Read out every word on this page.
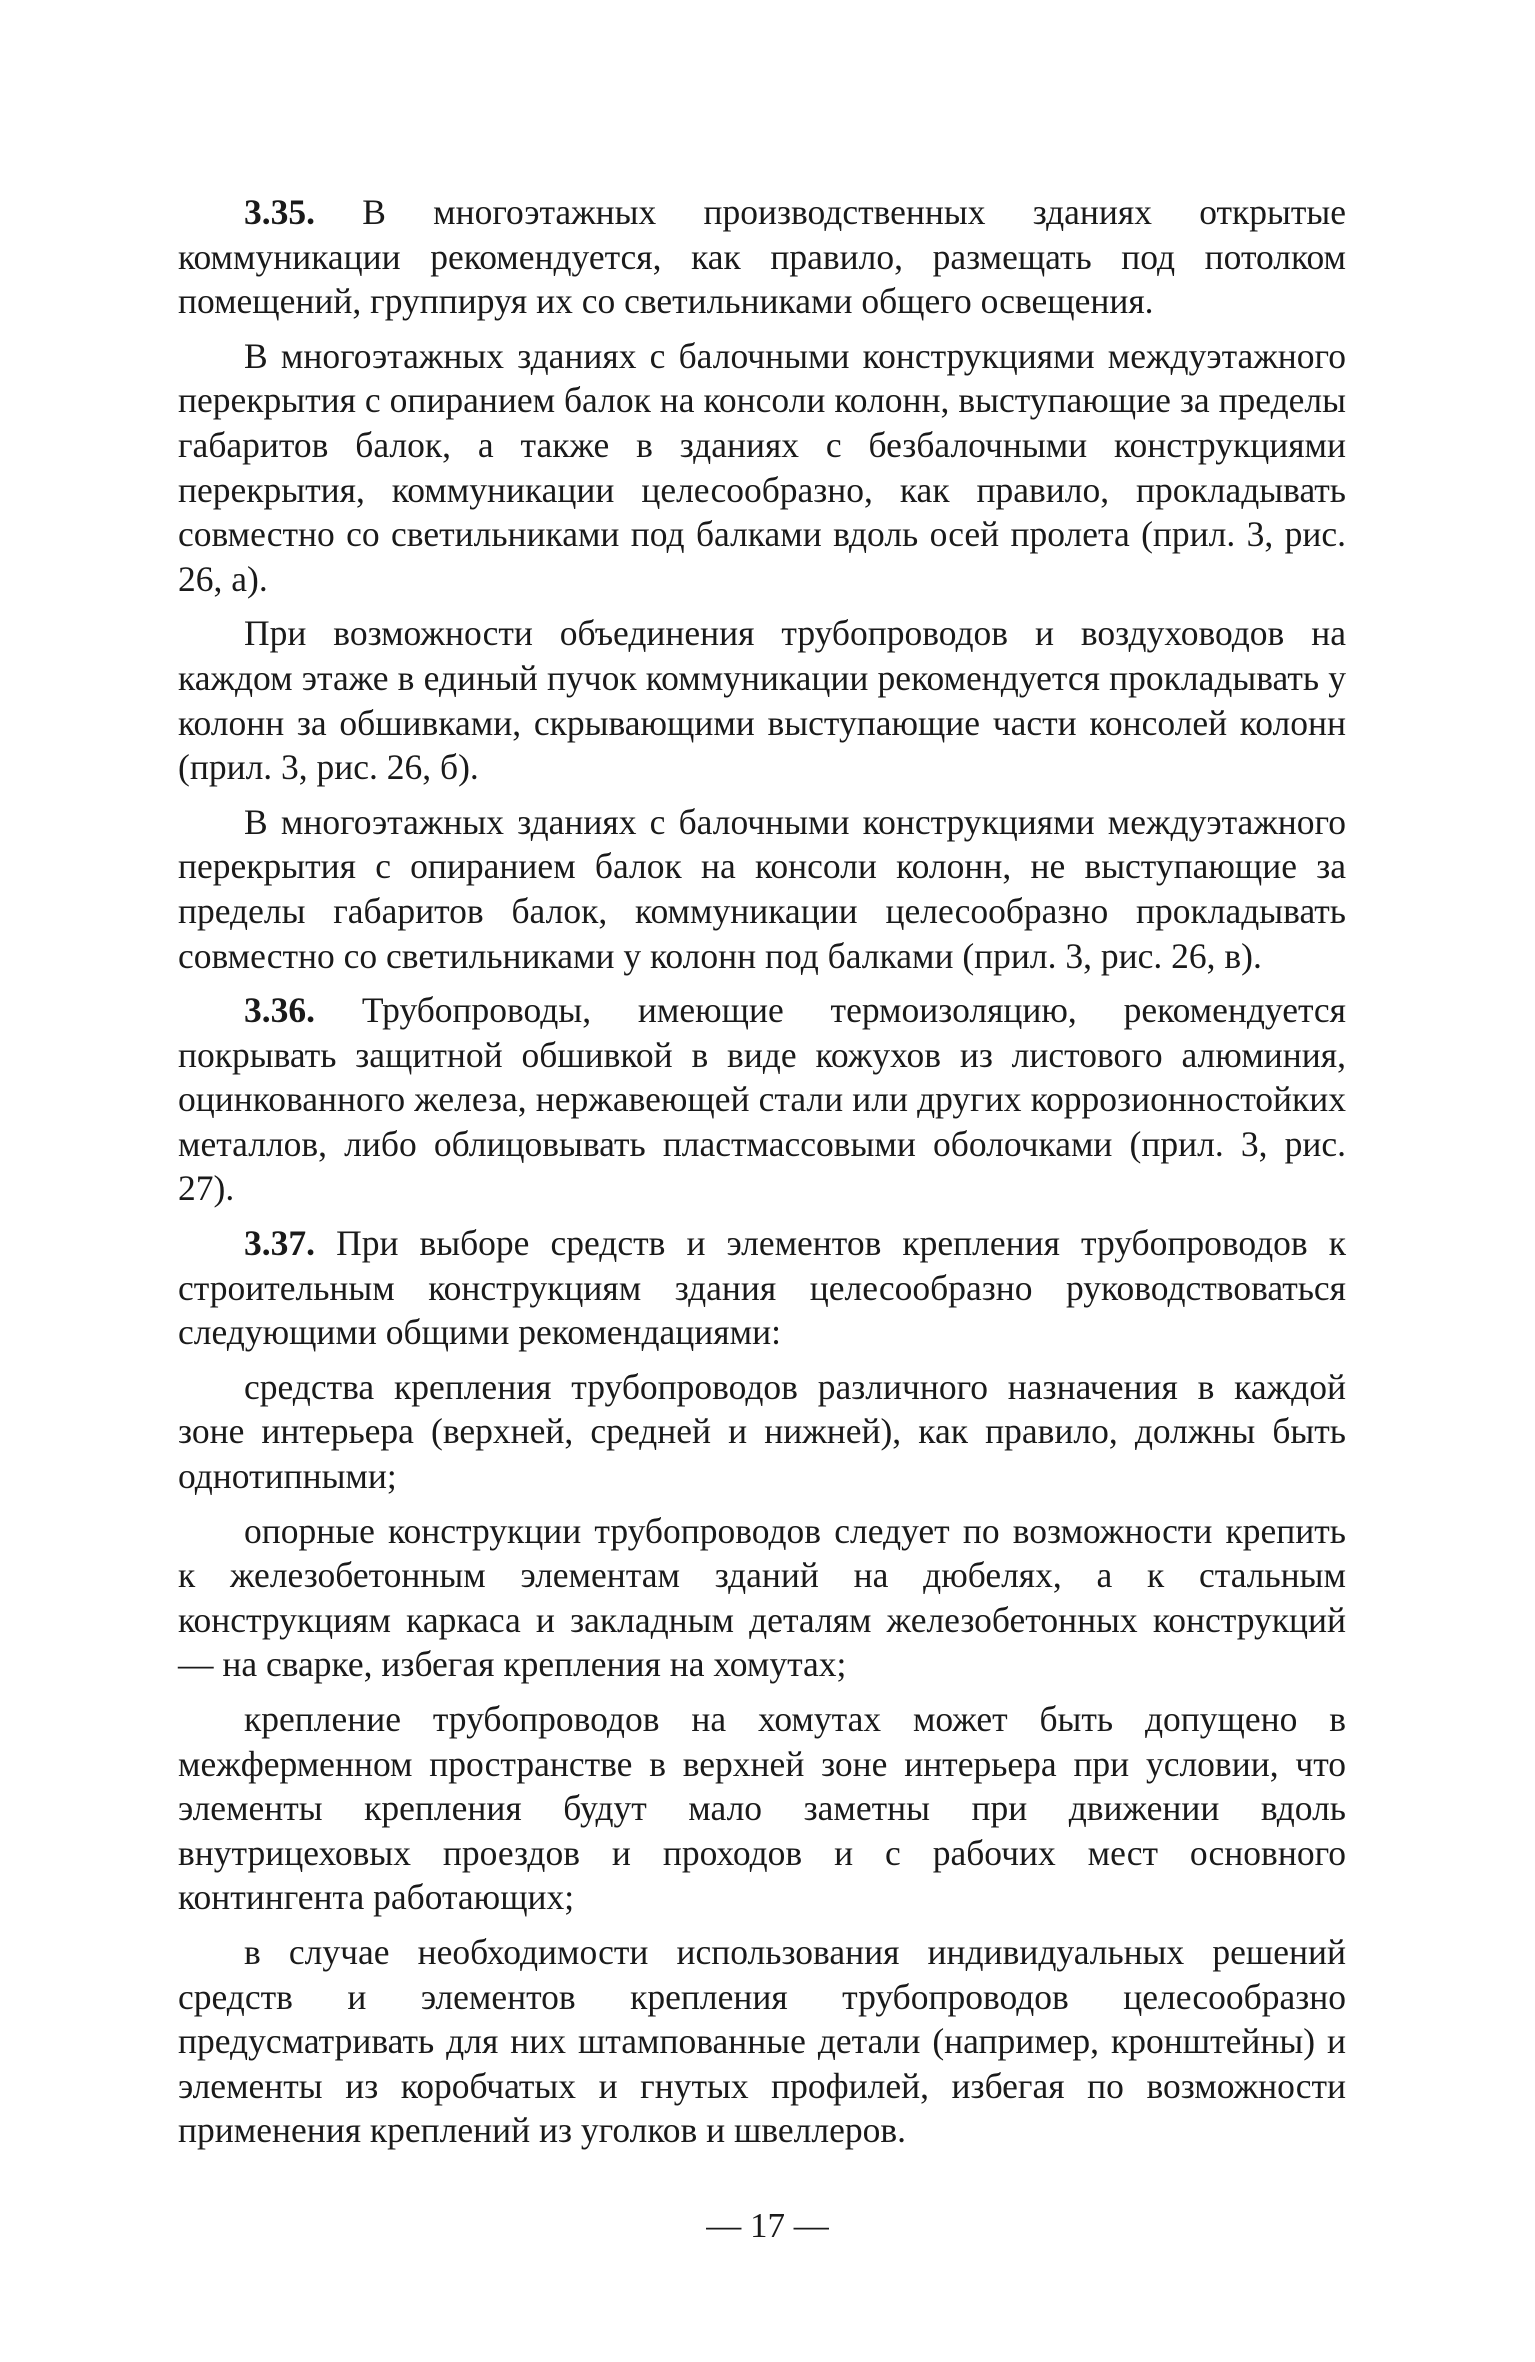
3.35. В многоэтажных производственных зданиях открытые коммуникации рекомендуется, как правило, размещать под потолком помещений, группируя их со светильниками общего освещения.

В многоэтажных зданиях с балочными конструкциями междуэтажного перекрытия с опиранием балок на консоли колонн, выступающие за пределы габаритов балок, а также в зданиях с безбалочными конструкциями перекрытия, коммуникации целесообразно, как правило, прокладывать совместно со светильниками под балками вдоль осей пролета (прил. 3, рис. 26, а).

При возможности объединения трубопроводов и воздуховодов на каждом этаже в единый пучок коммуникации рекомендуется прокладывать у колонн за обшивками, скрывающими выступающие части консолей колонн (прил. 3, рис. 26, б).

В многоэтажных зданиях с балочными конструкциями междуэтажного перекрытия с опиранием балок на консоли колонн, не выступающие за пределы габаритов балок, коммуникации целесообразно прокладывать совместно со светильниками у колонн под балками (прил. 3, рис. 26, в).

3.36. Трубопроводы, имеющие термоизоляцию, рекомендуется покрывать защитной обшивкой в виде кожухов из листового алюминия, оцинкованного железа, нержавеющей стали или других коррозионностойких металлов, либо облицовывать пластмассовыми оболочками (прил. 3, рис. 27).

3.37. При выборе средств и элементов крепления трубопроводов к строительным конструкциям здания целесообразно руководствоваться следующими общими рекомендациями:

средства крепления трубопроводов различного назначения в каждой зоне интерьера (верхней, средней и нижней), как правило, должны быть однотипными;

опорные конструкции трубопроводов следует по возможности крепить к железобетонным элементам зданий на дюбелях, а к стальным конструкциям каркаса и закладным деталям железобетонных конструкций — на сварке, избегая крепления на хомутах;

крепление трубопроводов на хомутах может быть допущено в межферменном пространстве в верхней зоне интерьера при условии, что элементы крепления будут мало заметны при движении вдоль внутрицеховых проездов и проходов и с рабочих мест основного контингента работающих;

в случае необходимости использования индивидуальных решений средств и элементов крепления трубопроводов целесообразно предусматривать для них штампованные детали (например, кронштейны) и элементы из коробчатых и гнутых профилей, избегая по возможности применения креплений из уголков и швеллеров.

— 17 —
